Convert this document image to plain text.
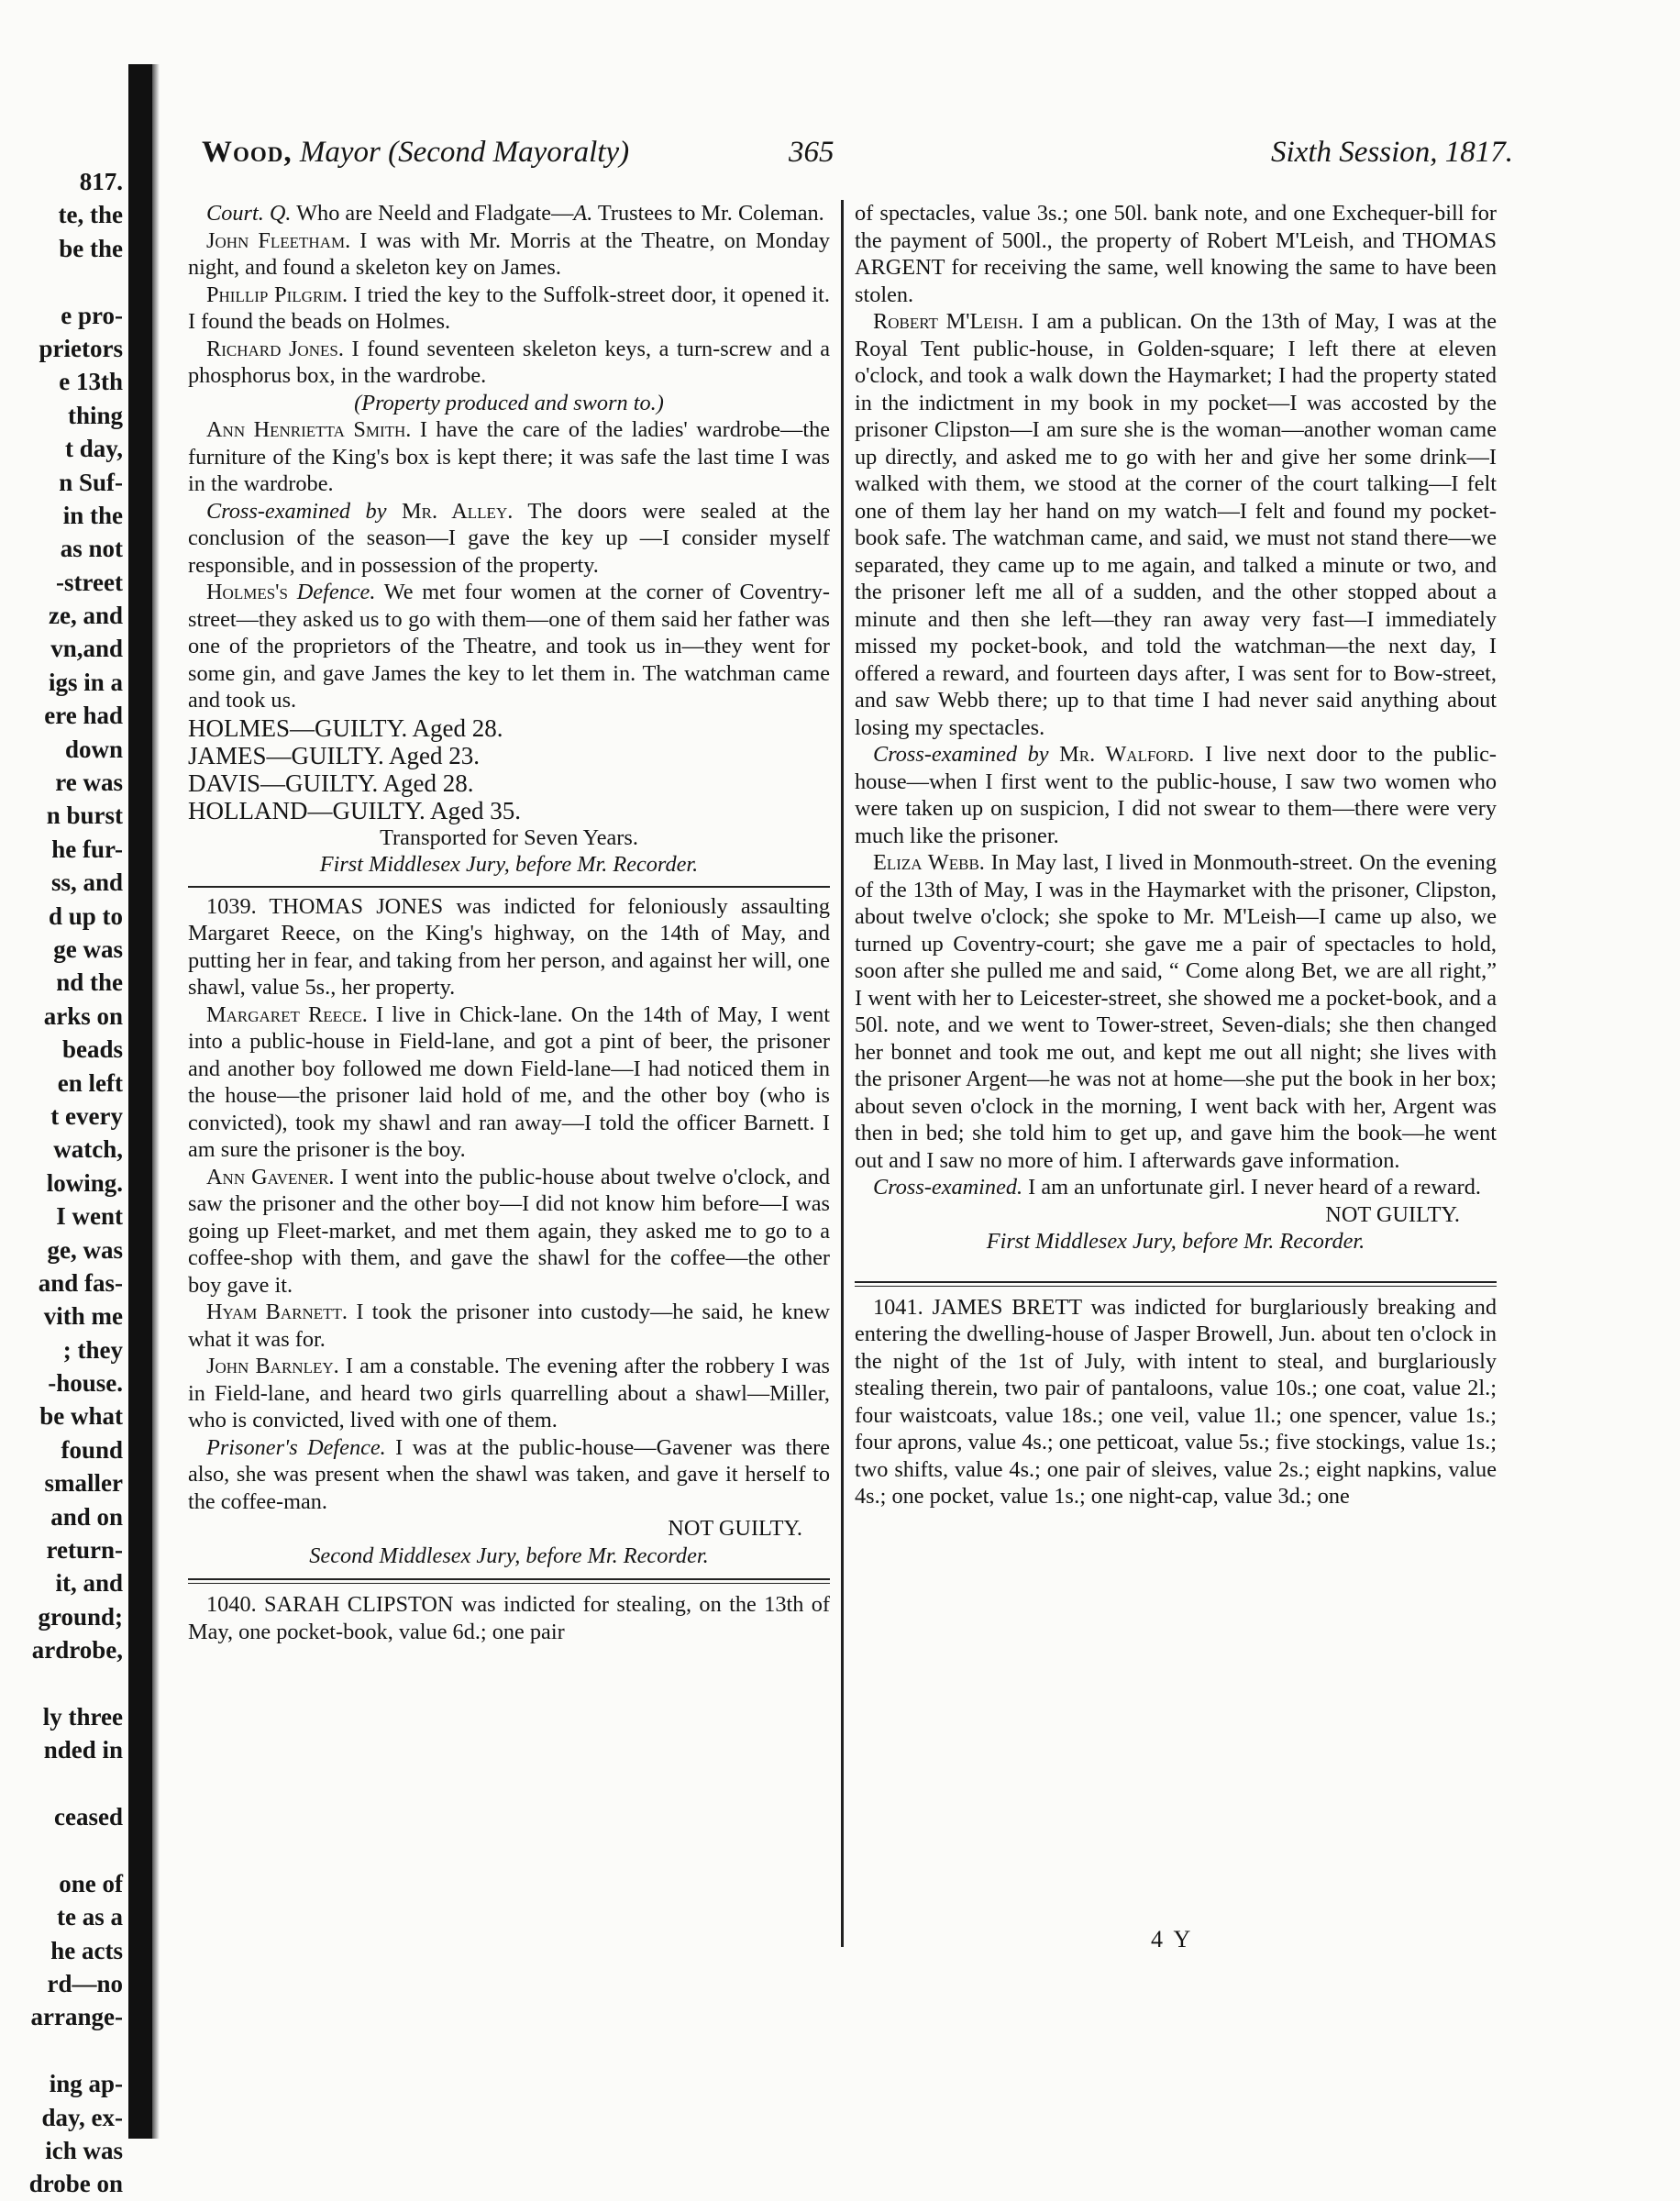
817.
te, the
be the
e pro-
prietors
e 13th
thing
t day,
n Suf-
in the
as not
-street
ze, and
vn,and
igs in a
ere had
down
re was
n burst
he fur-
ss, and
d up to
ge was
nd the
arks on
beads
en left
t every
watch,
lowing.
I went
ge, was
and fas-
vith me
; they
-house.
be what
found
smaller
and on
return-
it, and
ground;
ardrobe,
ly three
nded in
ceased
one of
te as a
he acts
rd—no
arrange-
ing ap-
day, ex-
ich was
drobe on
Wood, Mayor (Second Mayoralty)	365	Sixth Session, 1817.

Court. Q. Who are Neeld and Fladgate—A. Trustees to Mr. Coleman.

John Fleetham. I was with Mr. Morris at the Theatre, on Monday night, and found a skeleton key on James.

Phillip Pilgrim. I tried the key to the Suffolk-street door, it opened it. I found the beads on Holmes.

Richard Jones. I found seventeen skeleton keys, a turn-screw and a phosphorus box, in the wardrobe.

(Property produced and sworn to.)

Ann Henrietta Smith. I have the care of the ladies' wardrobe—the furniture of the King's box is kept there; it was safe the last time I was in the wardrobe.

Cross-examined by Mr. Alley. The doors were sealed at the conclusion of the season—I gave the key up —I consider myself responsible, and in possession of the property.

Holmes's Defence. We met four women at the corner of Coventry-street—they asked us to go with them—one of them said her father was one of the proprietors of the Theatre, and took us in—they went for some gin, and gave James the key to let them in. The watchman came and took us.

HOLMES—GUILTY. Aged 28.

JAMES—GUILTY. Aged 23.

DAVIS—GUILTY. Aged 28.

HOLLAND—GUILTY. Aged 35.

Transported for Seven Years.

First Middlesex Jury, before Mr. Recorder.

1039. THOMAS JONES was indicted for feloniously assaulting Margaret Reece, on the King's highway, on the 14th of May, and putting her in fear, and taking from her person, and against her will, one shawl, value 5s., her property.

Margaret Reece. I live in Chick-lane. On the 14th of May, I went into a public-house in Field-lane, and got a pint of beer, the prisoner and another boy followed me down Field-lane—I had noticed them in the house—the prisoner laid hold of me, and the other boy (who is convicted), took my shawl and ran away—I told the officer Barnett. I am sure the prisoner is the boy.

Ann Gavener. I went into the public-house about twelve o'clock, and saw the prisoner and the other boy—I did not know him before—I was going up Fleet-market, and met them again, they asked me to go to a coffee-shop with them, and gave the shawl for the coffee—the other boy gave it.

Hyam Barnett. I took the prisoner into custody—he said, he knew what it was for.

John Barnley. I am a constable. The evening after the robbery I was in Field-lane, and heard two girls quarrelling about a shawl—Miller, who is convicted, lived with one of them.

Prisoner's Defence. I was at the public-house—Gavener was there also, she was present when the shawl was taken, and gave it herself to the coffee-man.

NOT GUILTY.

Second Middlesex Jury, before Mr. Recorder.

1040. SARAH CLIPSTON was indicted for stealing, on the 13th of May, one pocket-book, value 6d.; one pair

of spectacles, value 3s.; one 50l. bank note, and one Exchequer-bill for the payment of 500l., the property of Robert M'Leish, and THOMAS ARGENT for receiving the same, well knowing the same to have been stolen.

Robert M'Leish. I am a publican. On the 13th of May, I was at the Royal Tent public-house, in Golden-square; I left there at eleven o'clock, and took a walk down the Haymarket; I had the property stated in the indictment in my book in my pocket—I was accosted by the prisoner Clipston—I am sure she is the woman—another woman came up directly, and asked me to go with her and give her some drink—I walked with them, we stood at the corner of the court talking—I felt one of them lay her hand on my watch—I felt and found my pocket-book safe. The watchman came, and said, we must not stand there—we separated, they came up to me again, and talked a minute or two, and the prisoner left me all of a sudden, and the other stopped about a minute and then she left—they ran away very fast—I immediately missed my pocket-book, and told the watchman—the next day, I offered a reward, and fourteen days after, I was sent for to Bow-street, and saw Webb there; up to that time I had never said anything about losing my spectacles.

Cross-examined by Mr. Walford. I live next door to the public-house—when I first went to the public-house, I saw two women who were taken up on suspicion, I did not swear to them—there were very much like the prisoner.

Eliza Webb. In May last, I lived in Monmouth-street. On the evening of the 13th of May, I was in the Haymarket with the prisoner, Clipston, about twelve o'clock; she spoke to Mr. M'Leish—I came up also, we turned up Coventry-court; she gave me a pair of spectacles to hold, soon after she pulled me and said, “ Come along Bet, we are all right,” I went with her to Leicester-street, she showed me a pocket-book, and a 50l. note, and we went to Tower-street, Seven-dials; she then changed her bonnet and took me out, and kept me out all night; she lives with the prisoner Argent—he was not at home—she put the book in her box; about seven o'clock in the morning, I went back with her, Argent was then in bed; she told him to get up, and gave him the book—he went out and I saw no more of him. I afterwards gave information.

Cross-examined. I am an unfortunate girl. I never heard of a reward.

NOT GUILTY.

First Middlesex Jury, before Mr. Recorder.

1041. JAMES BRETT was indicted for burglariously breaking and entering the dwelling-house of Jasper Browell, Jun. about ten o'clock in the night of the 1st of July, with intent to steal, and burglariously stealing therein, two pair of pantaloons, value 10s.; one coat, value 2l.; four waistcoats, value 18s.; one veil, value 1l.; one spencer, value 1s.; four aprons, value 4s.; one petticoat, value 5s.; five stockings, value 1s.; two shifts, value 4s.; one pair of sleives, value 2s.; eight napkins, value 4s.; one pocket, value 1s.; one night-cap, value 3d.; one

4 Y
